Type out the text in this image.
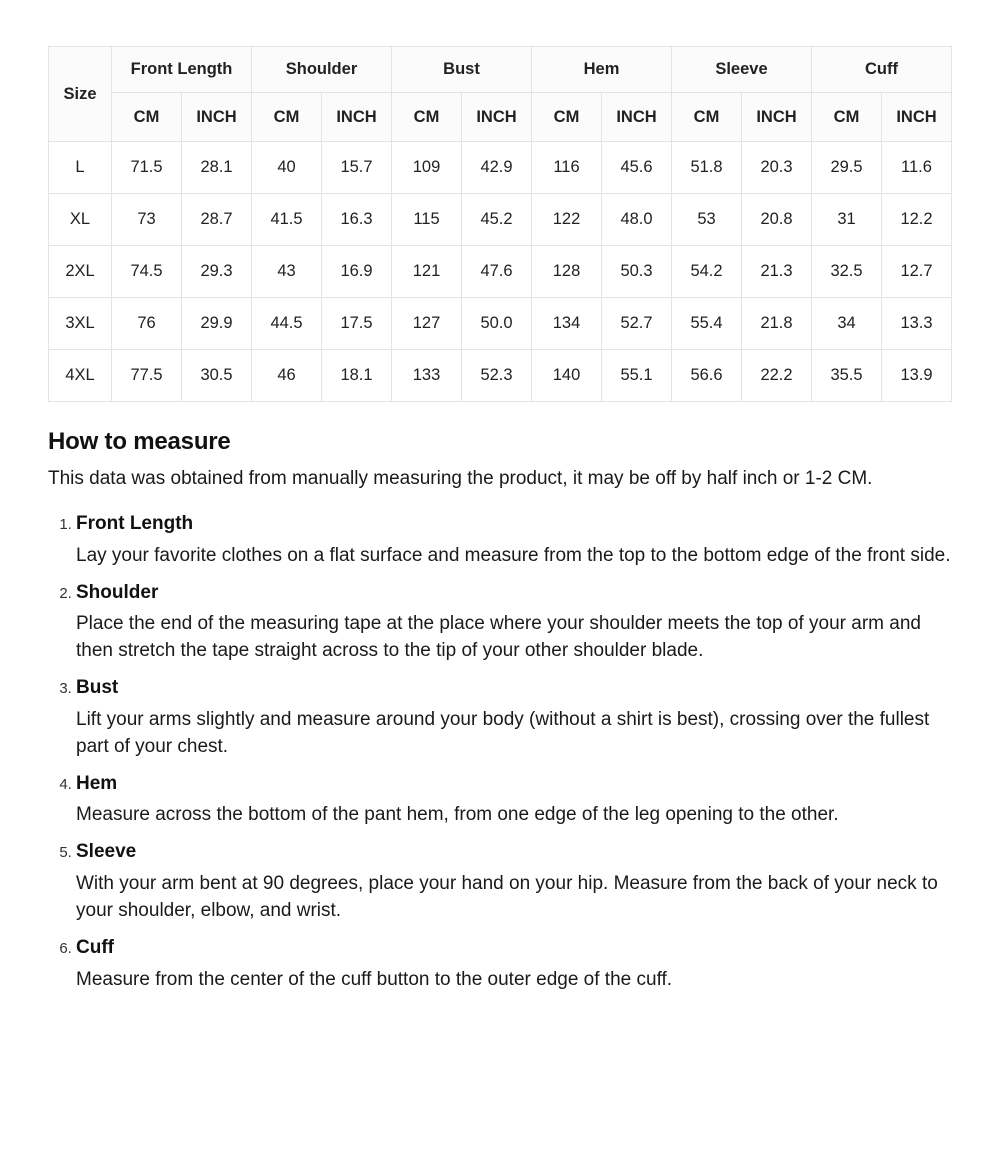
Size	Front Length		Shoulder		Bust		Hem		Sleeve		Cuff	
	CM	INCH	CM	INCH	CM	INCH	CM	INCH	CM	INCH	CM	INCH
L	71.5	28.1	40	15.7	109	42.9	116	45.6	51.8	20.3	29.5	11.6
XL	73	28.7	41.5	16.3	115	45.2	122	48.0	53	20.8	31	12.2
2XL	74.5	29.3	43	16.9	121	47.6	128	50.3	54.2	21.3	32.5	12.7
3XL	76	29.9	44.5	17.5	127	50.0	134	52.7	55.4	21.8	34	13.3
4XL	77.5	30.5	46	18.1	133	52.3	140	55.1	56.6	22.2	35.5	13.9
How to measure

This data was obtained from manually measuring the product, it may be off by half inch or 1-2 CM.

1. Front Length
Lay your favorite clothes on a flat surface and measure from the top to the bottom edge of the front side.
2. Shoulder
Place the end of the measuring tape at the place where your shoulder meets the top of your arm and then stretch the tape straight across to the tip of your other shoulder blade.
3. Bust
Lift your arms slightly and measure around your body (without a shirt is best), crossing over the fullest part of your chest.
4. Hem
Measure across the bottom of the pant hem, from one edge of the leg opening to the other.
5. Sleeve
With your arm bent at 90 degrees, place your hand on your hip. Measure from the back of your neck to your shoulder, elbow, and wrist.
6. Cuff
Measure from the center of the cuff button to the outer edge of the cuff.
